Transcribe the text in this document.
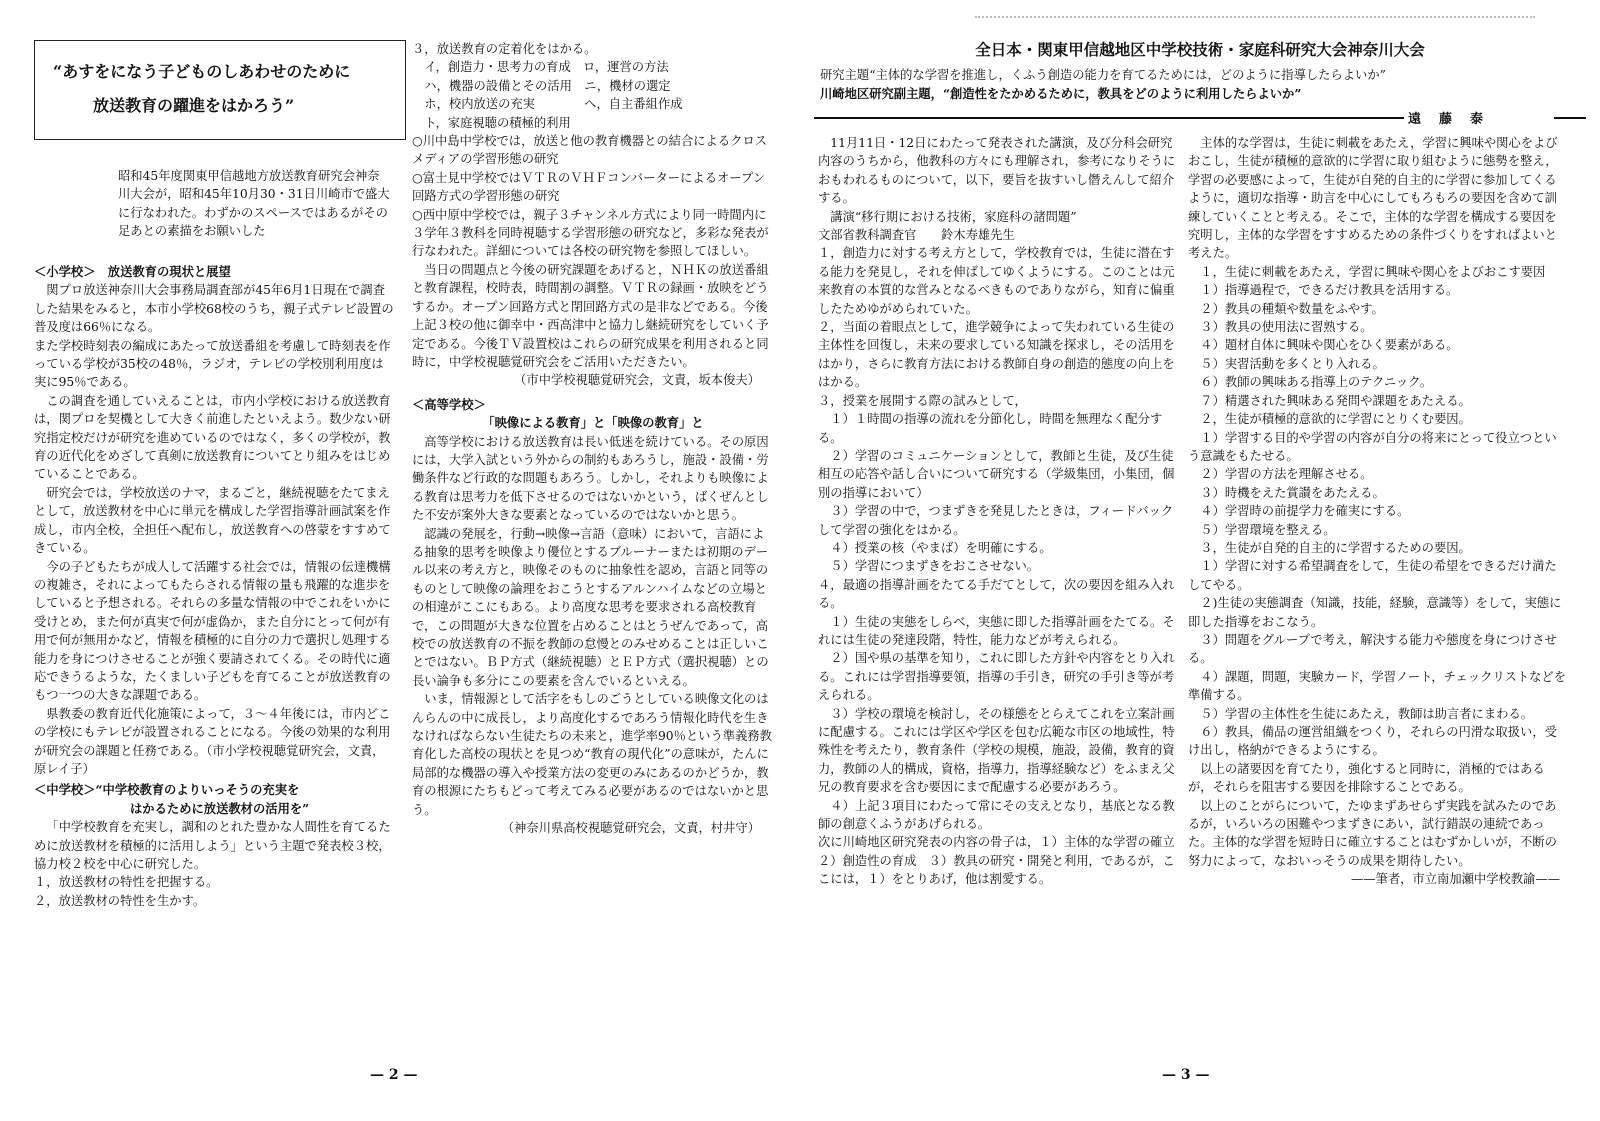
“あすをになう子どものしあわせのために
放送教育の躍進をはかろう”
昭和45年度関東甲信越地方放送教育研究会神奈川大会が，昭和45年10月30・31日川崎市で盛大に行なわれた。わずかのスペースではあるがその足あとの素描をお願いした

＜小学校＞　放送教育の現状と展望

関プロ放送神奈川大会事務局調査部が45年6月1日現在で調査した結果をみると，本市小学校68校のうち，親子式テレビ設置の普及度は66％になる。

また学校時刻表の編成にあたって放送番組を考慮して時刻表を作っている学校が35校の48％，ラジオ，テレビの学校別利用度は実に95％である。

この調査を通していえることは，市内小学校における放送教育は，関プロを契機として大きく前進したといえよう。数少ない研究指定校だけが研究を進めているのではなく，多くの学校が，教育の近代化をめざして真剣に放送教育についてとり組みをはじめていることである。

研究会では，学校放送のナマ，まるごと，継続視聴をたてまえとして，放送教材を中心に単元を構成した学習指導計画試案を作成し，市内全校，全担任へ配布し，放送教育への啓蒙をすすめてきている。

今の子どもたちが成人して活躍する社会では，情報の伝達機構の複雑さ，それによってもたらされる情報の量も飛躍的な進歩をしていると予想される。それらの多量な情報の中でこれをいかに受けとめ，また何が真実で何が虚偽か，また自分にとって何が有用で何が無用かなど，情報を積極的に自分の力で選択し処理する能力を身につけさせることが強く要請されてくる。その時代に適応できうるような，たくましい子どもを育てることが放送教育のもつ一つの大きな課題である。

県教委の教育近代化施策によって，３～４年後には，市内どこの学校にもテレビが設置されることになる。今後の効果的な利用が研究会の課題と任務である。（市小学校視聴覚研究会，文責，原レイ子）

＜中学校＞“中学校教育のよりいっそうの充実を

はかるために放送教材の活用を”

「中学校教育を充実し，調和のとれた豊かな人間性を育てるために放送教材を積極的に活用しよう」という主題で発表校３校，協力校２校を中心に研究した。

１，放送教材の特性を把握する。

２，放送教材の特性を生かす。

３，放送教育の定着化をはかる。

イ，創造力・思考力の育成　ロ，運営の方法

ハ，機器の設備とその活用　ニ，機材の選定

ホ，校内放送の充実　　　　へ，自主番組作成

ト，家庭視聴の積極的利用

○川中島中学校では，放送と他の教育機器との結合によるクロスメディアの学習形態の研究

○富士見中学校ではＶＴＲのＶＨＦコンバーターによるオープン回路方式の学習形態の研究

○西中原中学校では，親子３チャンネル方式により同一時間内に３学年３教科を同時視聴する学習形態の研究など，多彩な発表が行なわれた。詳細については各校の研究物を参照してほしい。

当日の問題点と今後の研究課題をあげると，ＮＨＫの放送番組と教育課程，校時表，時間割の調整。ＶＴＲの録画・放映をどうするか。オープン回路方式と閉回路方式の是非などである。今後上記３校の他に御幸中・西高津中と協力し継続研究をしていく予定である。今後ＴＶ設置校はこれらの研究成果を利用されると同時に，中学校視聴覚研究会をご活用いただきたい。

（市中学校視聴覚研究会，文責，坂本俊夫）

＜高等学校＞

「映像による教育」と「映像の教育」と

高等学校における放送教育は長い低迷を続けている。その原因には，大学入試という外からの制約もあろうし，施設・設備・労働条件など行政的な問題もあろう。しかし，それよりも映像による教育は思考力を低下させるのではないかという，ばくぜんとした不安が案外大きな要素となっているのではないかと思う。

認識の発展を，行動→映像→言語（意味）において，言語による抽象的思考を映像より優位とするブルーナーまたは初期のデール以来の考え方と，映像そのものに抽象性を認め，言語と同等のものとして映像の論理をおこうとするアルンハイムなどの立場との相違がここにもある。より高度な思考を要求される高校教育で，この問題が大きな位置を占めることはとうぜんであって，高校での放送教育の不振を教師の怠慢とのみせめることは正しいことではない。ＢＰ方式（継続視聴）とＥＰ方式（選択視聴）との長い論争も多分にこの要素を含んでいるといえる。

いま，情報源として活字をもしのごうとしている映像文化のはんらんの中に成長し，より高度化するであろう情報化時代を生きなければならない生徒たちの未来と，進学率90％という準義務教育化した高校の現状とを見つめ“教育の現代化”の意味が，たんに局部的な機器の導入や授業方法の変更のみにあるのかどうか，教育の根源にたちもどって考えてみる必要があるのではないかと思う。

（神奈川県高校視聴覚研究会，文責，村井守）

— 2 —
全日本・関東甲信越地区中学校技術・家庭科研究大会神奈川大会
研究主題“主体的な学習を推進し，くふう創造の能力を育てるためには，どのように指導したらよいか”
川崎地区研究副主題，“創造性をたかめるために，教具をどのように利用したらよいか”
遠藤泰

11月11日・12日にわたって発表された講演，及び分科会研究内容のうちから，他教科の方々にも理解され，参考になりそうにおもわれるものについて，以下，要旨を抜すいし僭えんして紹介する。

講演“移行期における技術，家庭科の諸問題”

文部省教科調査官　　鈴木寿雄先生

１，創造力に対する考え方として，学校教育では，生徒に潜在する能力を発見し，それを伸ばしてゆくようにする。このことは元来教育の本質的な営みとなるべきものでありながら，知育に偏重したためゆがめられていた。

２，当面の着眼点として，進学競争によって失われている生徒の主体性を回復し，未来の要求している知識を探求し，その活用をはかり，さらに教育方法における教師自身の創造的態度の向上をはかる。

３，授業を展開する際の試みとして，

１）１時間の指導の流れを分節化し，時間を無理なく配分する。

２）学習のコミュニケーションとして，教師と生徒，及び生徒相互の応答や話し合いについて研究する（学級集団，小集団，個別の指導において）

３）学習の中で，つまずきを発見したときは，フィードバックして学習の強化をはかる。

４）授業の核（やまば）を明確にする。

５）学習につまずきをおこさせない。

４，最適の指導計画をたてる手だてとして，次の要因を組み入れる。

１）生徒の実態をしらべ，実態に即した指導計画をたてる。それには生徒の発達段階，特性，能力などが考えられる。

２）国や県の基準を知り，これに即した方針や内容をとり入れる。これには学習指導要領，指導の手引き，研究の手引き等が考えられる。

３）学校の環境を検討し，その様態をとらえてこれを立案計画に配慮する。これには学区や学区を包む広範な市区の地域性，特殊性を考えたり，教育条件（学校の規模，施設，設備，教育的資力，教師の人的構成，資格，指導力，指導経験など）をふまえ父兄の教育要求を含む要因にまで配慮する必要があろう。

４）上記３項目にわたって常にその支えとなり，基底となる教師の創意くふうがあげられる。

次に川崎地区研究発表の内容の骨子は，１）主体的な学習の確立　２）創造性の育成　３）教具の研究・開発と利用，であるが，ここには，１）をとりあげ，他は割愛する。

主体的な学習は，生徒に刺載をあたえ，学習に興味や関心をよびおこし，生徒が積極的意欲的に学習に取り組むように態勢を整え，学習の必要感によって，生徒が自発的自主的に学習に参加してくるように，適切な指導・助言を中心にしてもろもろの要因を含めて訓練していくことと考える。そこで，主体的な学習を構成する要因を究明し，主体的な学習をすすめるための条件づくりをすればよいと考えた。

１，生徒に刺載をあたえ，学習に興味や関心をよびおこす要因

１）指導過程で，できるだけ教具を活用する。

２）教具の種類や数量をふやす。

３）教具の使用法に習熟する。

４）題材自体に興味や関心をひく要素がある。

５）実習活動を多くとり入れる。

６）教師の興味ある指導上のテクニック。

７）精選された興味ある発問や課題をあたえる。

２，生徒が積極的意欲的に学習にとりくむ要因。

１）学習する目的や学習の内容が自分の将来にとって役立つという意識をもたせる。

２）学習の方法を理解させる。

３）時機をえた賞讃をあたえる。

４）学習時の前提学力を確実にする。

５）学習環境を整える。

３，生徒が自発的自主的に学習するための要因。

１）学習に対する希望調査をして，生徒の希望をできるだけ満たしてやる。

２)生徒の実態調査（知識，技能，経験，意識等）をして，実態に即した指導をおこなう。

３）問題をグループで考え，解決する能力や態度を身につけさせる。

４）課題，問題，実験カード，学習ノート，チェックリストなどを準備する。

５）学習の主体性を生徒にあたえ，教師は助言者にまわる。

６）教具，備品の運営組織をつくり，それらの円滑な取扱い，受け出し，格納ができるようにする。

以上の諸要因を育てたり，強化すると同時に，消極的ではあるが，それらを阻害する要因を排除することである。

以上のことがらについて，たゆまずあせらず実践を試みたのであるが，いろいろの困難やつまずきにあい，試行錯誤の連続であった。主体的な学習を短時日に確立することはむずかしいが，不断の努力によって，なおいっそうの成果を期待したい。

——筆者，市立南加瀬中学校教諭——

— 3 —
